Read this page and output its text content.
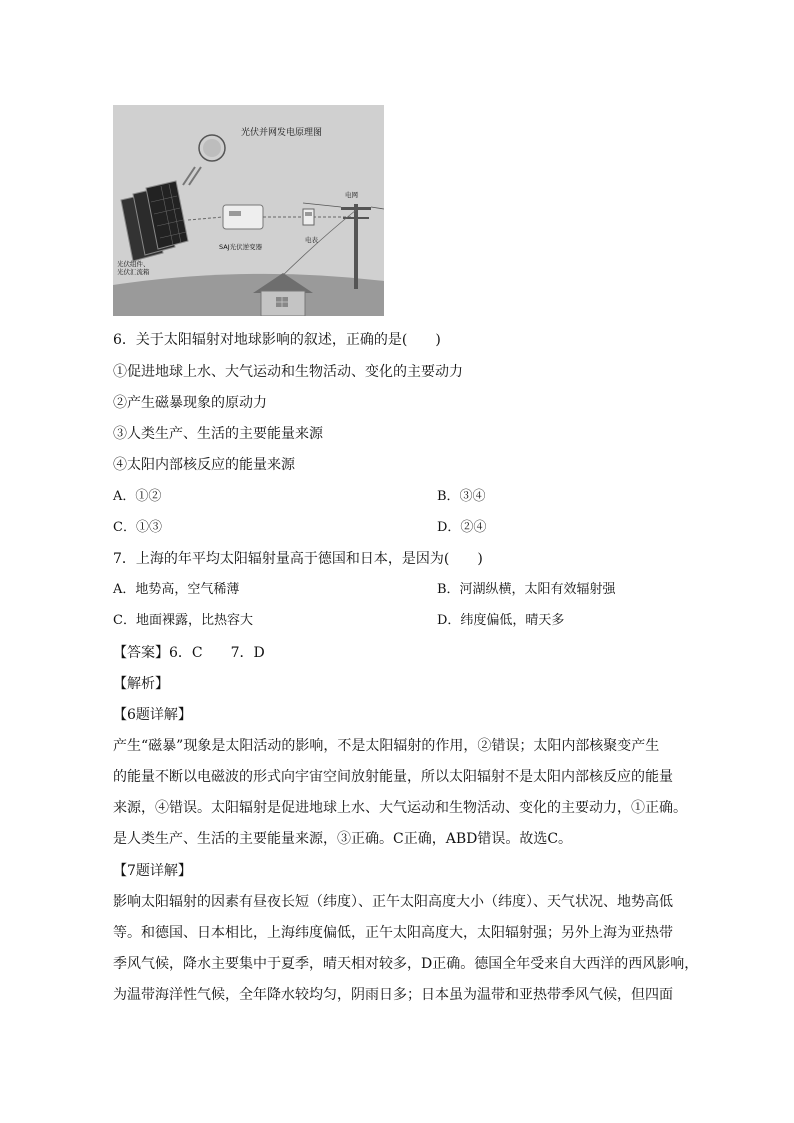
光伏并网发电原理图
电网
SAJ光伏逆变器
电表
光伏组件、
光伏汇流箱
6．关于太阳辐射对地球影响的叙述，正确的是(　　)
①促进地球上水、大气运动和生物活动、变化的主要动力
②产生磁暴现象的原动力
③人类生产、生活的主要能量来源
④太阳内部核反应的能量来源
A．①②	B．③④
C．①③	D．②④
7．上海的年平均太阳辐射量高于德国和日本，是因为(　　)
A．地势高，空气稀薄	B．河湖纵横，太阳有效辐射强
C．地面裸露，比热容大	D．纬度偏低，晴天多
【答案】6．C　　7．D
【解析】
【6题详解】

产生“磁暴”现象是太阳活动的影响，不是太阳辐射的作用，②错误；太阳内部核聚变产生

的能量不断以电磁波的形式向宇宙空间放射能量，所以太阳辐射不是太阳内部核反应的能量

来源，④错误。太阳辐射是促进地球上水、大气运动和生物活动、变化的主要动力，①正确。

是人类生产、生活的主要能量来源，③正确。C正确，ABD错误。故选C。

【7题详解】

影响太阳辐射的因素有昼夜长短（纬度）、正午太阳高度大小（纬度）、天气状况、地势高低

等。和德国、日本相比，上海纬度偏低，正午太阳高度大，太阳辐射强；另外上海为亚热带

季风气候，降水主要集中于夏季，晴天相对较多，D正确。德国全年受来自大西洋的西风影响，

为温带海洋性气候，全年降水较均匀，阴雨日多；日本虽为温带和亚热带季风气候，但四面
